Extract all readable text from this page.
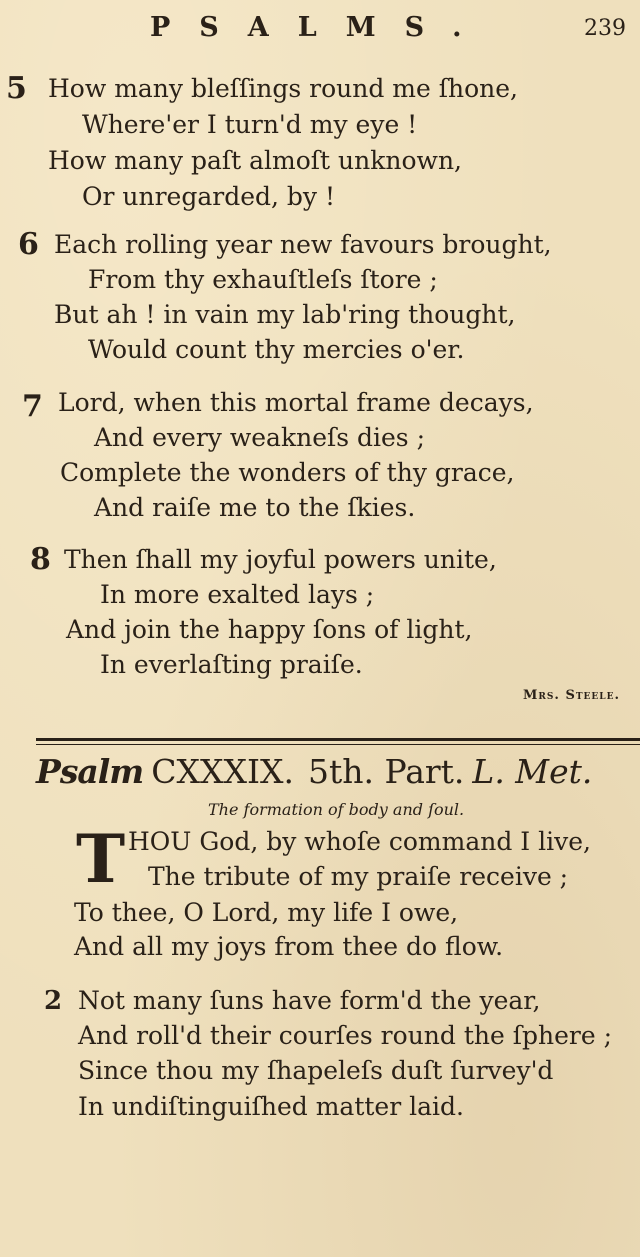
PSALMS.	239
5 How many bleſſings round me ſhone,
Where'er I turn'd my eye !
How many paſt almoſt unknown,
Or unregarded, by !
6 Each rolling year new favours brought,
From thy exhauſtleſs ſtore ;
But ah ! in vain my lab'ring thought,
Would count thy mercies o'er.
7 Lord, when this mortal frame decays,
And every weakneſs dies ;
Complete the wonders of thy grace,
And raiſe me to the ſkies.
8 Then ſhall my joyful powers unite,
In more exalted lays ;
And join the happy ſons of light,
In everlaſting praiſe.
Mrs. Steele.
Psalm CXXXIX. 5th. Part. L. Met.
The formation of body and ſoul.
T HOU God, by whoſe command I live,
The tribute of my praiſe receive ;
To thee, O Lord, my life I owe,
And all my joys from thee do flow.
2 Not many ſuns have form'd the year,
And roll'd their courſes round the ſphere ;
Since thou my ſhapeleſs duſt ſurvey'd
In undiſtinguiſhed matter laid.
